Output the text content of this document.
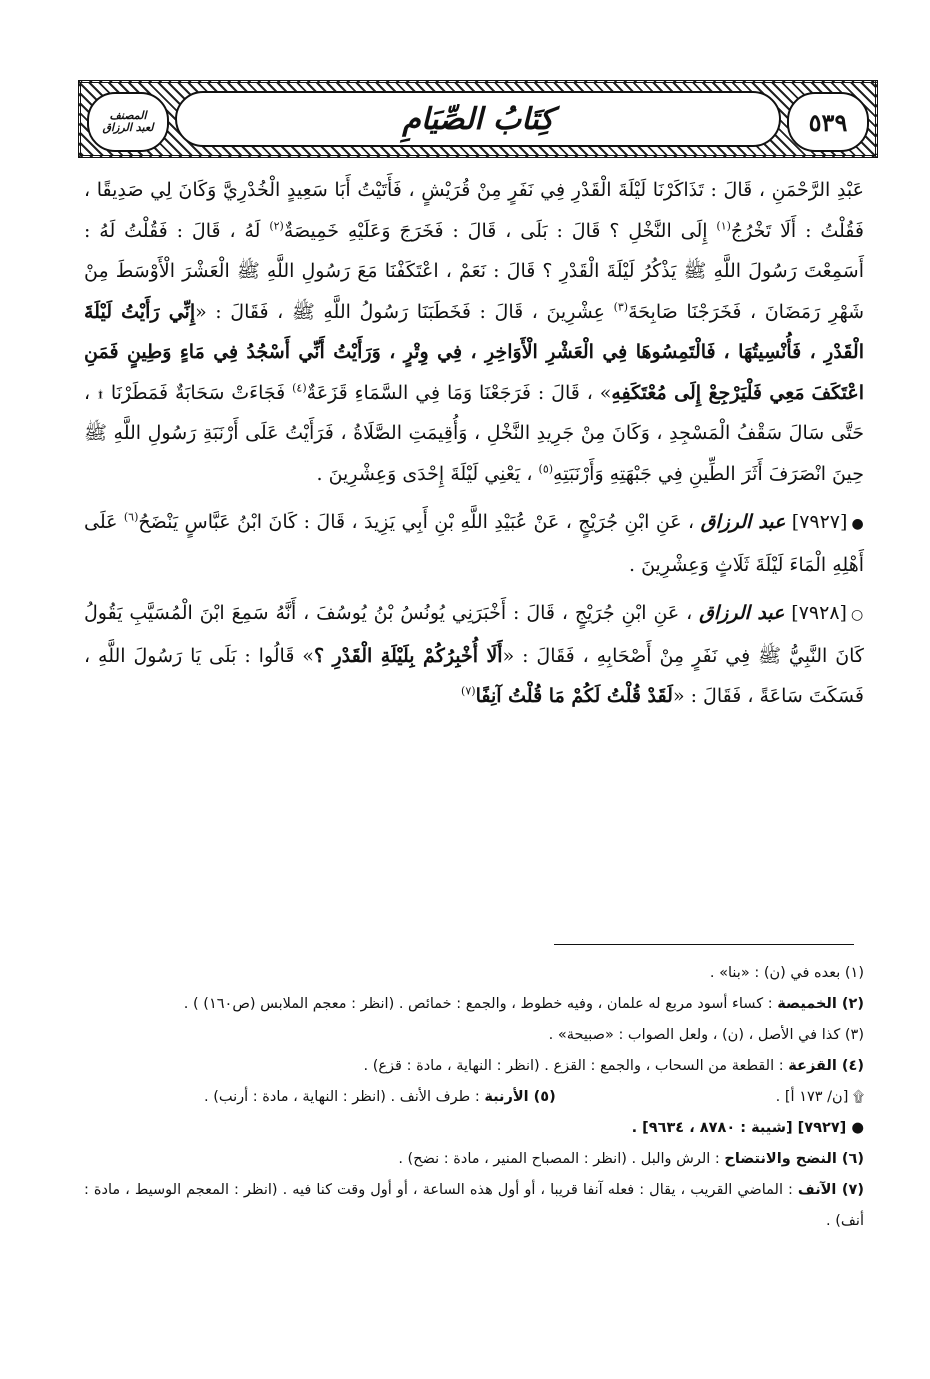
٥٣٩
كِتَابُ الصِّيَامِ
المصنف
لعبد الرزاق

عَبْدِ الرَّحْمَنِ ، قَالَ : تَذَاكَرْنَا لَيْلَةَ الْقَدْرِ فِي نَفَرٍ مِنْ قُرَيْشٍ ، فَأَتَيْتُ أَبَا سَعِيدٍ الْخُدْرِيَّ وَكَانَ لِي صَدِيقًا ، فَقُلْتُ : أَلَا تَخْرُجُ$^{(١)}$ إِلَى النَّخْلِ ؟ قَالَ : بَلَى ، قَالَ : فَخَرَجَ وَعَلَيْهِ خَمِيصَةٌ$^{(٢)}$ لَهُ ، قَالَ : فَقُلْتُ لَهُ : أَسَمِعْتَ رَسُولَ اللَّهِ ﷺ يَذْكُرُ لَيْلَةَ الْقَدْرِ ؟ قَالَ : نَعَمْ ، اعْتَكَفْنَا مَعَ رَسُولِ اللَّهِ ﷺ الْعَشْرَ الْأَوْسَطَ مِنْ شَهْرِ رَمَضَانَ ، فَخَرَجْنَا صَابِحَةَ$^{(٣)}$ عِشْرِينَ ، قَالَ : فَخَطَبَنَا رَسُولُ اللَّهِ ﷺ ، فَقَالَ : «إِنِّي رَأَيْتُ لَيْلَةَ الْقَدْرِ ، فَأُنْسِيتُهَا ، فَالْتَمِسُوهَا فِي الْعَشْرِ الْأَوَاخِرِ ، فِي وِتْرٍ ، وَرَأَيْتُ أَنِّي أَسْجُدُ فِي مَاءٍ وَطِينٍ فَمَنِ اعْتَكَفَ مَعِي فَلْيَرْجِعْ إِلَى مُعْتَكَفِهِ» ، قَالَ : فَرَجَعْنَا وَمَا فِي السَّمَاءِ قَزَعَةٌ$^{(٤)}$ فَجَاءَتْ سَحَابَةٌ فَمَطَرْنَا ۩ ، حَتَّى سَالَ سَقْفُ الْمَسْجِدِ ، وَكَانَ مِنْ جَرِيدِ النَّخْلِ ، وَأُقِيمَتِ الصَّلَاةُ ، فَرَأَيْتُ عَلَى أَرْنَبَةِ رَسُولِ اللَّهِ ﷺ حِينَ انْصَرَفَ أَثَرَ الطِّينِ فِي جَبْهَتِهِ وَأَرْنَبَتِهِ$^{(٥)}$ ، يَعْنِي لَيْلَةَ إِحْدَى وَعِشْرِينَ .

●[٧٩٢٧] عبد الرزاق ، عَنِ ابْنِ جُرَيْجٍ ، عَنْ عُبَيْدِ اللَّهِ بْنِ أَبِي يَزِيدَ ، قَالَ : كَانَ ابْنُ عَبَّاسٍ يَنْضَحُ$^{(٦)}$ عَلَى أَهْلِهِ الْمَاءَ لَيْلَةَ ثَلَاثٍ وَعِشْرِينَ .

○[٧٩٢٨] عبد الرزاق ، عَنِ ابْنِ جُرَيْجٍ ، قَالَ : أَخْبَرَنِي يُونُسُ بْنُ يُوسُفَ ، أَنَّهُ سَمِعَ ابْنَ الْمُسَيَّبِ يَقُولُ كَانَ النَّبِيُّ ﷺ فِي نَفَرٍ مِنْ أَصْحَابِهِ ، فَقَالَ : «أَلَا أُخْبِرُكُمْ بِلَيْلَةِ الْقَدْرِ ؟» قَالُوا : بَلَى يَا رَسُولَ اللَّهِ ، فَسَكَتَ سَاعَةً ، فَقَالَ : «لَقَدْ قُلْتُ لَكُمْ مَا قُلْتُ آنِفًا$^{(٧)}$

(١) بعده في (ن) : «بنا» .

(٢) الخميصة : كساء أسود مربع له علمان ، وفيه خطوط ، والجمع : خمائص . (انظر : معجم الملابس (ص١٦٠) ) .

(٣) كذا في الأصل ، (ن) ، ولعل الصواب : «صبيحة» .

(٤) القزعة : القطعة من السحاب ، والجمع : القزع . (انظر : النهاية ، مادة : قزع) .

۩ [ن/ ١٧٣ أ] .
(٥) الأرنبة : طرف الأنف . (انظر : النهاية ، مادة : أرنب) .

● [٧٩٢٧] [شيبة : ٨٧٨٠ ، ٩٦٣٤] .

(٦) النضح والانتضاح : الرش والبل . (انظر : المصباح المنير ، مادة : نضح) .

(٧) الآنف : الماضي القريب ، يقال : فعله آنفا قريبا ، أو أول هذه الساعة ، أو أول وقت كنا فيه . (انظر : المعجم الوسيط ، مادة : أنف) .
